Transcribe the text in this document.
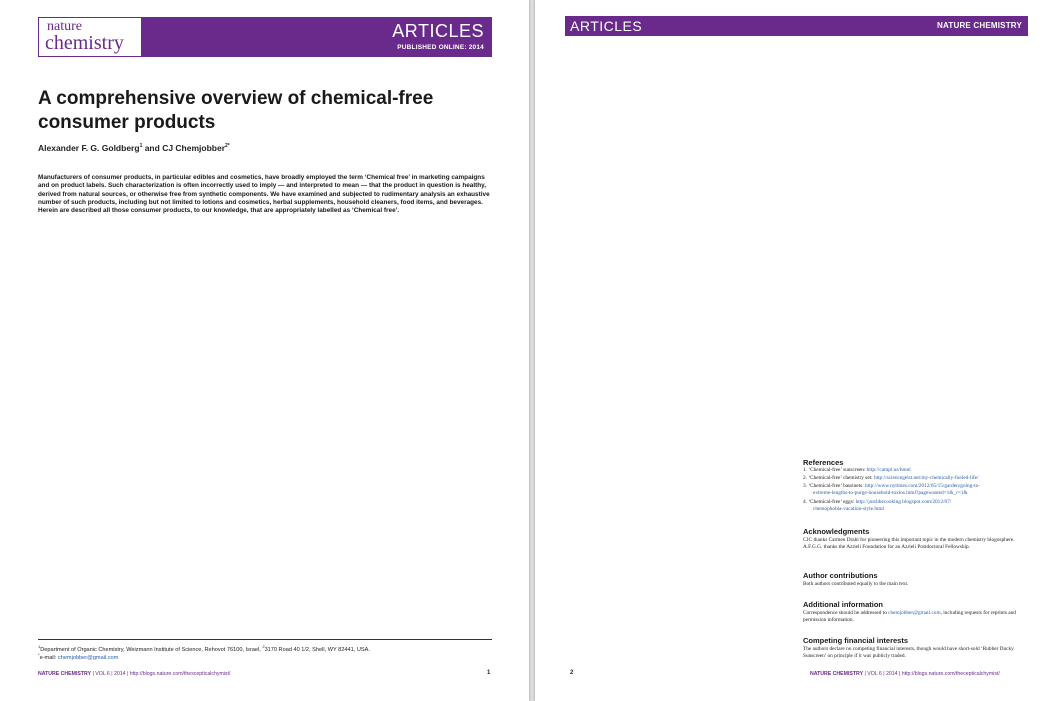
nature
chemistry
ARTICLES
PUBLISHED ONLINE: 2014
A comprehensive overview of chemical-free consumer products
Alexander F. G. Goldberg$^1$ and CJ Chemjobber$^{2*}$
Manufacturers of consumer products, in particular edibles and cosmetics, have broadly employed the term ‘Chemical free’ in marketing campaigns and on product labels. Such characterization is often incorrectly used to imply — and interpreted to mean — that the product in question is healthy, derived from natural sources, or otherwise free from synthetic components. We have examined and subjected to rudimentary analysis an exhaustive number of such products, including but not limited to lotions and cosmetics, herbal supplements, household cleaners, food items, and beverages. Herein are described all those consumer products, to our knowledge, that are appropriately labelled as ‘Chemical free’.
$^1$Department of Organic Chemistry, Weizmann Institute of Science, Rehovot 76100, Israel, $^2$3170 Road 40 1/2, Shell, WY 82441, USA.
*e-mail: chemjobber@gmail.com
NATURE CHEMISTRY | VOL 6 | 2014 | http://blogs.nature.com/thescepticalchymist/	1
ARTICLES	NATURE CHEMISTRY
References
1. ‘Chemical-free’ sunscreen: http://campl.us/bmnl
2. ‘Chemical-free’ chemistry set: http://sciencegeist.net/my-chemically-fueled-life/
3. ‘Chemical-free’ bassinets: http://www.nytimes.com/2012/05/15/garden/going-to-
extreme-lengths-to-purge-household-toxins.html?pagewanted=1&_r=1&
4. ‘Chemical-free’ eggs: http://justlikecooking.blogspot.com/2012/07/
chemophobia-vacation-style.html
Acknowledgments
CJC thanks Carmen Drahl for pioneering this important topic in the modern chemistry blogosphere. A.F.G.G. thanks the Azrieli Foundation for an Azrieli Postdoctoral Fellowship.
Author contributions
Both authors contributed equally to the main text.
Additional information
Correspondence should be addressed to chemjobber@gmail.com, including requests for reprints and permission information.
Competing financial interests
The authors declare no competing financial interests, though would have short-sold ‘Rubber Ducky Sunscreen’ on principle if it was publicly traded.
2	NATURE CHEMISTRY | VOL 6 | 2014 | http://blogs.nature.com/thecepticalchymist/
